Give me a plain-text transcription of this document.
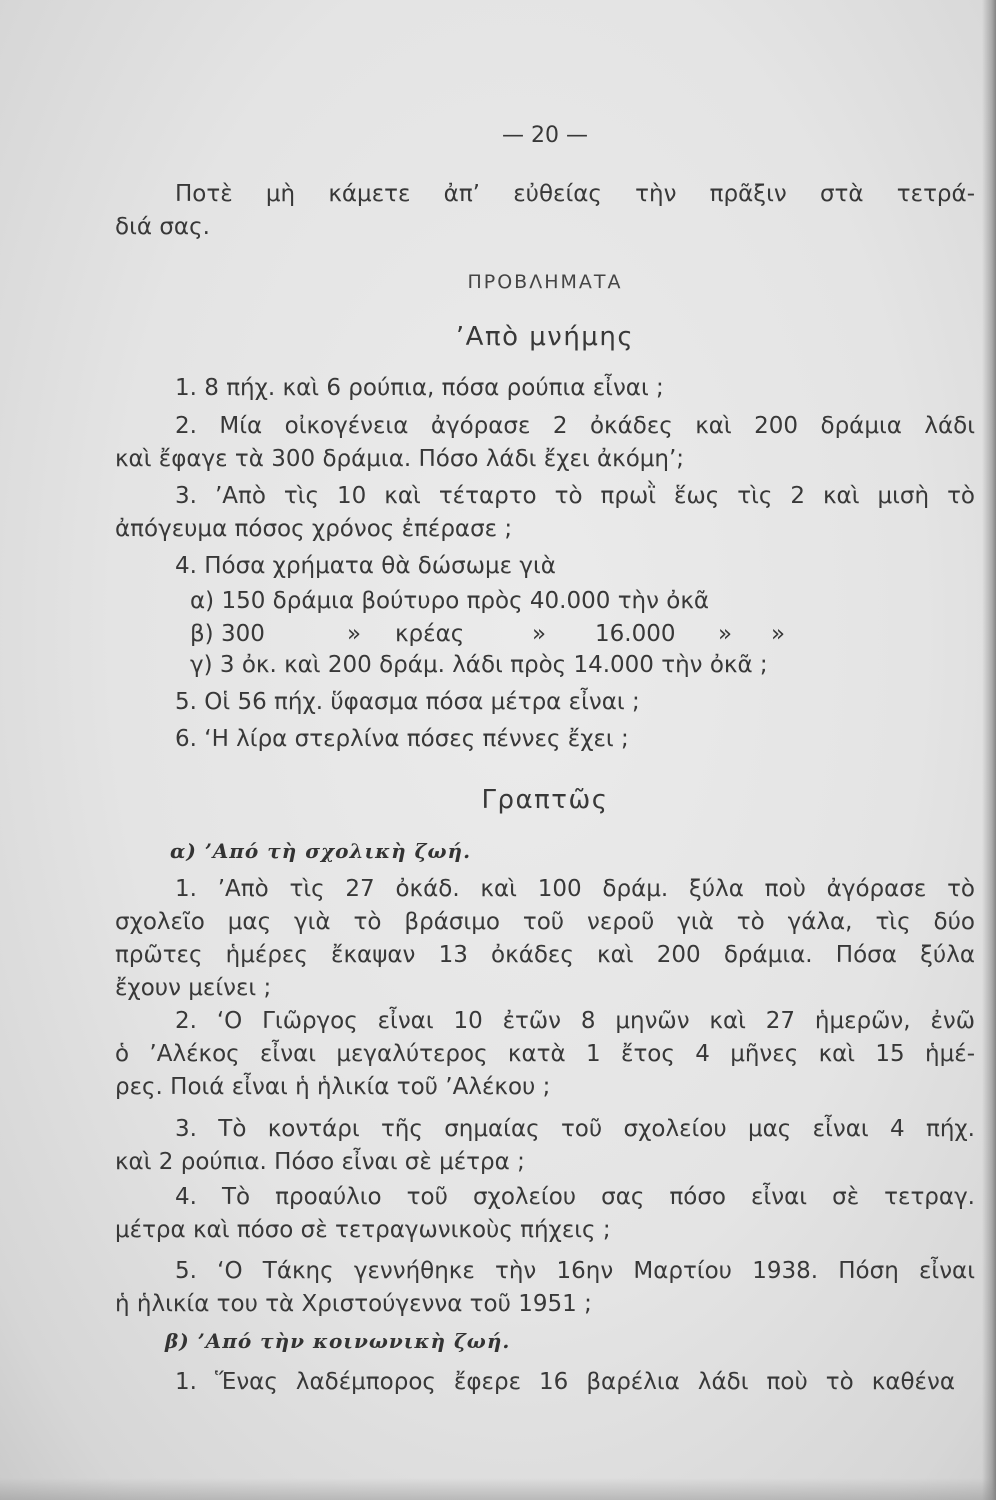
— 20 —
Ποτὲ μὴ κάμετε ἀπ’ εὐθείας τὴν πρᾶξιν στὰ τετρά-
διά σας.
ΠΡΟΒΛΗΜΑΤΑ
’Απὸ μνήμης
1. 8 πήχ. καὶ 6 ρούπια, πόσα ρούπια εἶναι ;
2. Μία οἰκογένεια ἀγόρασε 2 ὀκάδες καὶ 200 δράμια λάδι
καὶ ἔφαγε τὰ 300 δράμια. Πόσο λάδι ἔχει ἀκόμη’;
3. ’Απὸ τὶς 10 καὶ τέταρτο τὸ πρωῒ ἕως τὶς 2 καὶ μισὴ τὸ
ἀπόγευμα πόσος χρόνος ἐπέρασε ;
4. Πόσα χρήματα θὰ δώσωμε γιὰ
α) 150 δράμια βούτυρο πρὸς 40.000 τὴν ὀκᾶ
β) 300	» κρέας	» 16.000 » »
γ) 3 ὀκ. καὶ 200 δράμ. λάδι πρὸς 14.000 τὴν ὀκᾶ ;
5. Οἱ 56 πήχ. ὕφασμα πόσα μέτρα εἶναι ;
6. ‘Η λίρα στερλίνα πόσες πέννες ἔχει ;
Γραπτῶς
α) ’Από τὴ σχολικὴ ζωή.
1. ’Απὸ τὶς 27 ὀκάδ. καὶ 100 δράμ. ξύλα ποὺ ἀγόρασε τὸ
σχολεῖο μας γιὰ τὸ βράσιμο τοῦ νεροῦ γιὰ τὸ γάλα, τὶς δύο
πρῶτες ἡμέρες ἔκαψαν 13 ὀκάδες καὶ 200 δράμια. Πόσα ξύλα
ἔχουν μείνει ;
2. ‘Ο Γιῶργος εἶναι 10 ἐτῶν 8 μηνῶν καὶ 27 ἡμερῶν, ἐνῶ
ὁ ’Αλέκος εἶναι μεγαλύτερος κατὰ 1 ἔτος 4 μῆνες καὶ 15 ἡμέ-
ρες. Ποιά εἶναι ἡ ἡλικία τοῦ ’Αλέκου ;
3. Τὸ κοντάρι τῆς σημαίας τοῦ σχολείου μας εἶναι 4 πήχ.
καὶ 2 ρούπια. Πόσο εἶναι σὲ μέτρα ;
4. Τὸ προαύλιο τοῦ σχολείου σας πόσο εἶναι σὲ τετραγ.
μέτρα καὶ πόσο σὲ τετραγωνικοὺς πήχεις ;
5. ‘Ο Τάκης γεννήθηκε τὴν 16ην Μαρτίου 1938. Πόση εἶναι
ἡ ἡλικία του τὰ Χριστούγεννα τοῦ 1951 ;
β) ’Από τὴν κοινωνικὴ ζωή.
1. Ἕνας λαδέμπορος ἔφερε 16 βαρέλια λάδι ποὺ τὸ καθένα
